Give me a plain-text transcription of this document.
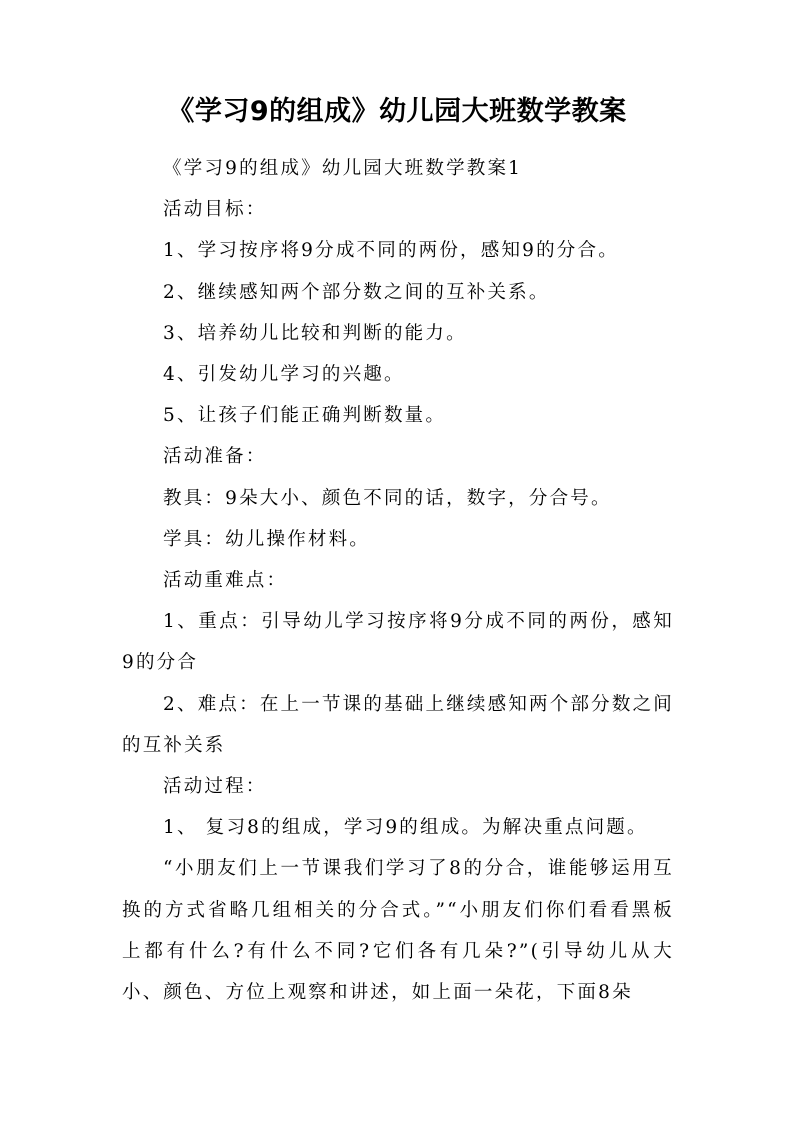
《学习9的组成》幼儿园大班数学教案

《学习9的组成》幼儿园大班数学教案1

活动目标：

1、学习按序将9分成不同的两份，感知9的分合。

2、继续感知两个部分数之间的互补关系。

3、培养幼儿比较和判断的能力。

4、引发幼儿学习的兴趣。

5、让孩子们能正确判断数量。

活动准备：

教具：9朵大小、颜色不同的话，数字，分合号。

学具：幼儿操作材料。

活动重难点：

1、重点：引导幼儿学习按序将9分成不同的两份，感知9的分合

2、难点：在上一节课的基础上继续感知两个部分数之间的互补关系

活动过程：

1、 复习8的组成，学习9的组成。为解决重点问题。

“小朋友们上一节课我们学习了8的分合，谁能够运用互换的方式省略几组相关的分合式。”“小朋友们你们看看黑板上都有什么?有什么不同?它们各有几朵?”(引导幼儿从大小、颜色、方位上观察和讲述，如上面一朵花，下面8朵
